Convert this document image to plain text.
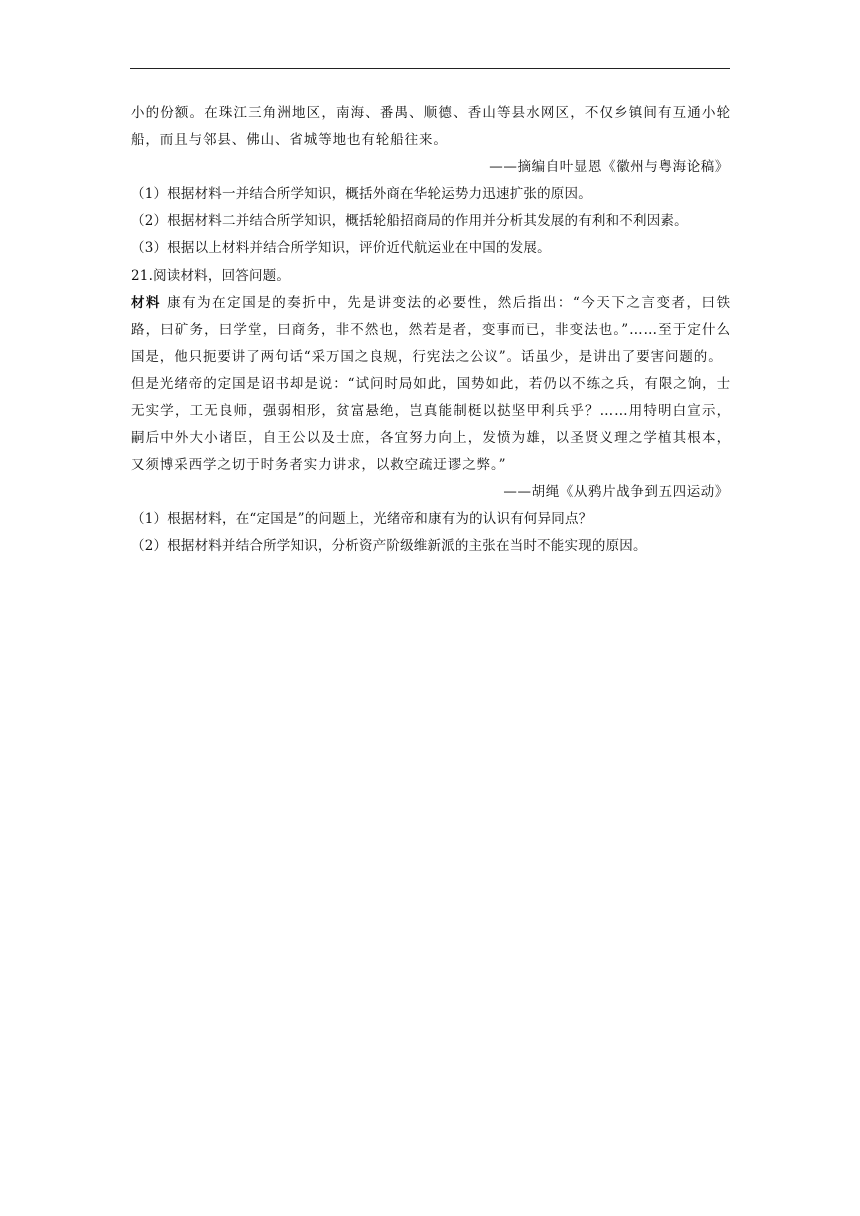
小的份额。在珠江三角洲地区，南海、番禺、顺德、香山等县水网区，不仅乡镇间有互通小轮船，而且与邻县、佛山、省城等地也有轮船往来。

——摘编自叶显恩《徽州与粤海论稿》

（1）根据材料一并结合所学知识，概括外商在华轮运势力迅速扩张的原因。

（2）根据材料二并结合所学知识，概括轮船招商局的作用并分析其发展的有利和不利因素。

（3）根据以上材料并结合所学知识，评价近代航运业在中国的发展。

21.阅读材料，回答问题。

材料 康有为在定国是的奏折中，先是讲变法的必要性，然后指出：“今天下之言变者，曰铁路，曰矿务，曰学堂，曰商务，非不然也，然若是者，变事而已，非变法也。”……至于定什么国是，他只扼要讲了两句话“采万国之良规，行宪法之公议”。话虽少，是讲出了要害问题的。

但是光绪帝的定国是诏书却是说：“试问时局如此，国势如此，若仍以不练之兵，有限之饷，士无实学，工无良师，强弱相形，贫富悬绝，岂真能制梃以挞坚甲利兵乎？……用特明白宣示，嗣后中外大小诸臣，自王公以及士庶，各宜努力向上，发愤为雄，以圣贤义理之学植其根本，又须博采西学之切于时务者实力讲求，以救空疏迂谬之弊。”

——胡绳《从鸦片战争到五四运动》

（1）根据材料，在“定国是”的问题上，光绪帝和康有为的认识有何异同点？

（2）根据材料并结合所学知识，分析资产阶级维新派的主张在当时不能实现的原因。
